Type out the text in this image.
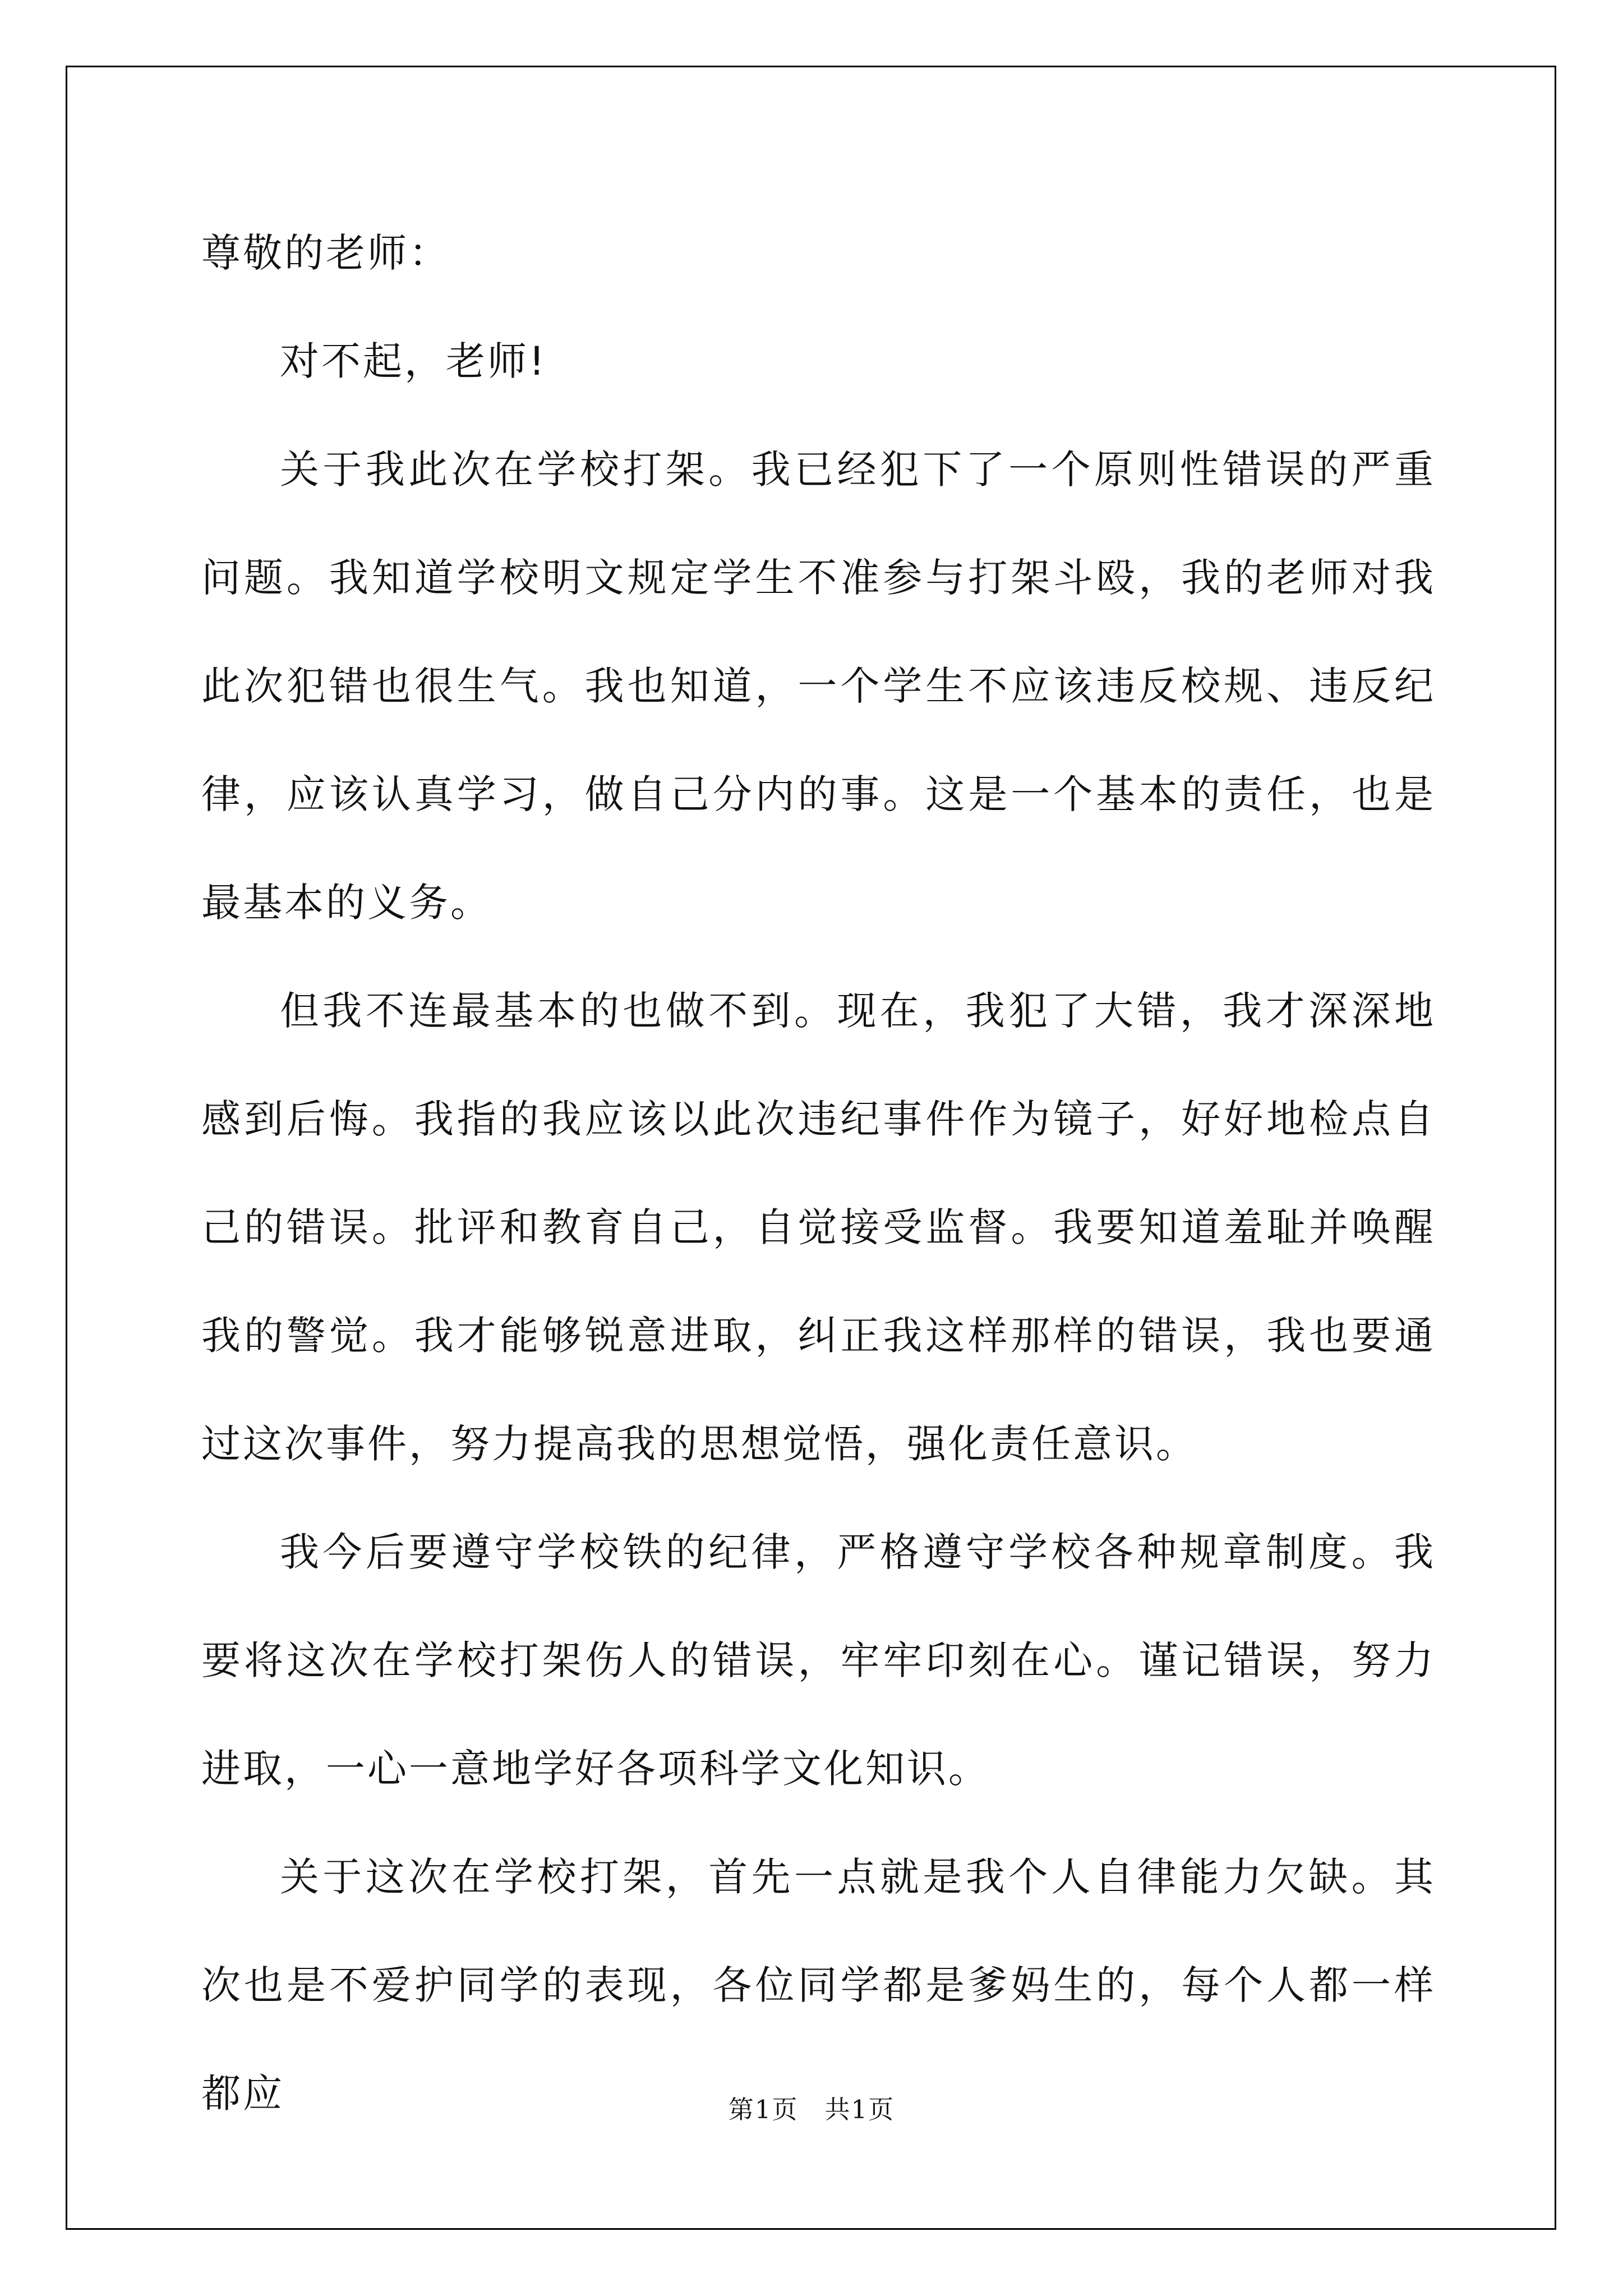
尊敬的老师：

对不起，老师!

关于我此次在学校打架。我已经犯下了一个原则性错误的严重问题。我知道学校明文规定学生不准参与打架斗殴，我的老师对我此次犯错也很生气。我也知道，一个学生不应该违反校规、违反纪律，应该认真学习，做自己分内的事。这是一个基本的责任，也是最基本的义务。

但我不连最基本的也做不到。现在，我犯了大错，我才深深地感到后悔。我指的我应该以此次违纪事件作为镜子，好好地检点自己的错误。批评和教育自己，自觉接受监督。我要知道羞耻并唤醒我的警觉。我才能够锐意进取，纠正我这样那样的错误，我也要通过这次事件，努力提高我的思想觉悟，强化责任意识。

我今后要遵守学校铁的纪律，严格遵守学校各种规章制度。我要将这次在学校打架伤人的错误，牢牢印刻在心。谨记错误，努力进取，一心一意地学好各项科学文化知识。

关于这次在学校打架，首先一点就是我个人自律能力欠缺。其次也是不爱护同学的表现，各位同学都是爹妈生的，每个人都一样都应	第1页　共1页
